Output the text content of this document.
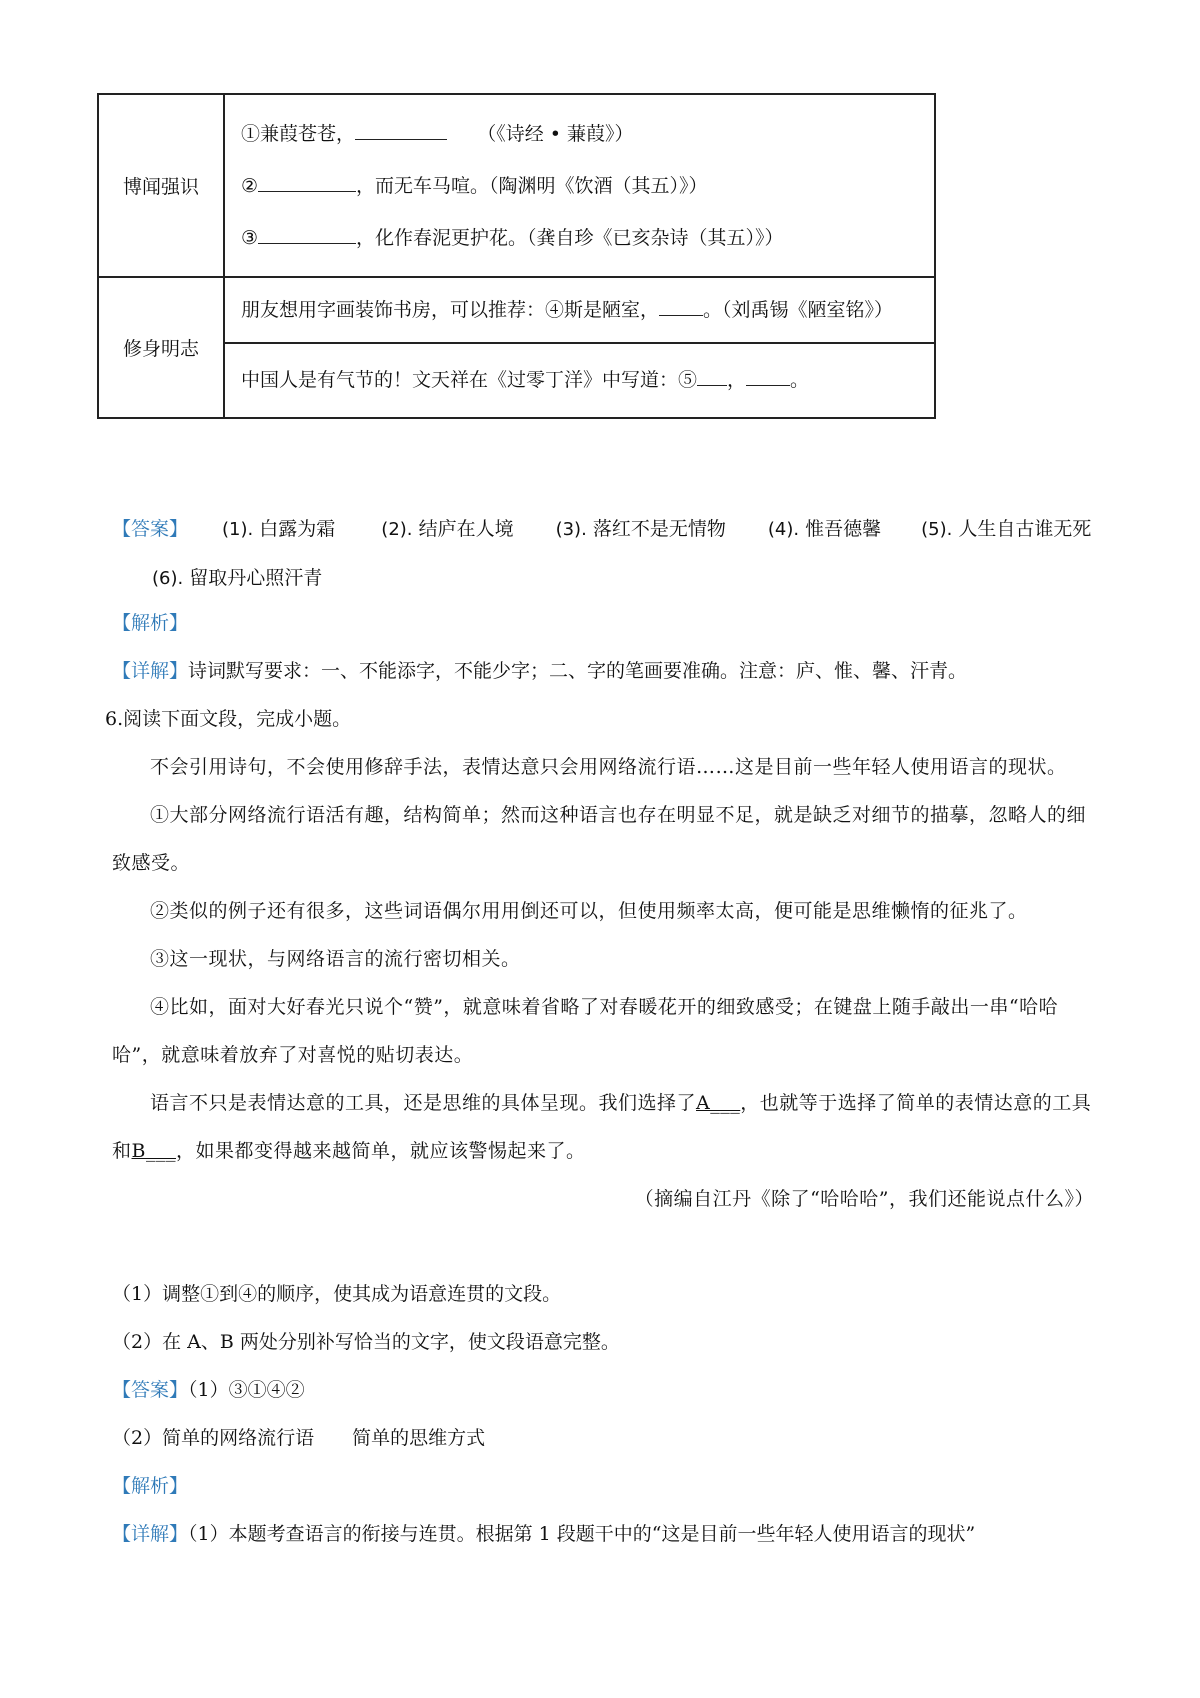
博闻强识	①兼葭苍苍， （《诗经 • 蒹葭》）
② ，而无车马喧。（陶渊明《饮酒（其五）》）
③ ，化作春泥更护花。（龚自珍《已亥杂诗（其五）》）

修身明志	朋友想用字画装饰书房，可以推荐：④斯是陋室， 。（刘禹锡《陋室铭》）
中国人是有气节的！文天祥在《过零丁洋》中写道：⑤ ， 。
【答案】 (1). 白露为霜	(2). 结庐在人境 (3). 落红不是无情物 (4). 惟吾德馨 (5). 人生自古谁无死(6). 留取丹心照汗青
【解析】
【详解】诗词默写要求：一、不能添字，不能少字；二、字的笔画要准确。注意：庐、惟、馨、汗青。
6.阅读下面文段，完成小题。
不会引用诗句，不会使用修辞手法，表情达意只会用网络流行语……这是目前一些年轻人使用语言的现状。
①大部分网络流行语活有趣，结构简单；然而这种语言也存在明显不足，就是缺乏对细节的描摹，忽略人的细致感受。
②类似的例子还有很多，这些词语偶尔用用倒还可以，但使用频率太高，便可能是思维懒惰的征兆了。
③这一现状，与网络语言的流行密切相关。
④比如，面对大好春光只说个“赞”，就意味着省略了对春暖花开的细致感受；在键盘上随手敲出一串“哈哈哈”，就意味着放弃了对喜悦的贴切表达。
语言不只是表情达意的工具，还是思维的具体呈现。我们选择了A___，也就等于选择了简单的表情达意的工具和B___，如果都变得越来越简单，就应该警惕起来了。
（摘编自江丹《除了“哈哈哈”，我们还能说点什么》）
（1）调整①到④的顺序，使其成为语意连贯的文段。
（2）在 A、B 两处分别补写恰当的文字，使文段语意完整。
【答案】（1）③①④②
（2）简单的网络流行语　　简单的思维方式
【解析】
【详解】（1）本题考查语言的衔接与连贯。根据第 1 段题干中的“这是目前一些年轻人使用语言的现状”
